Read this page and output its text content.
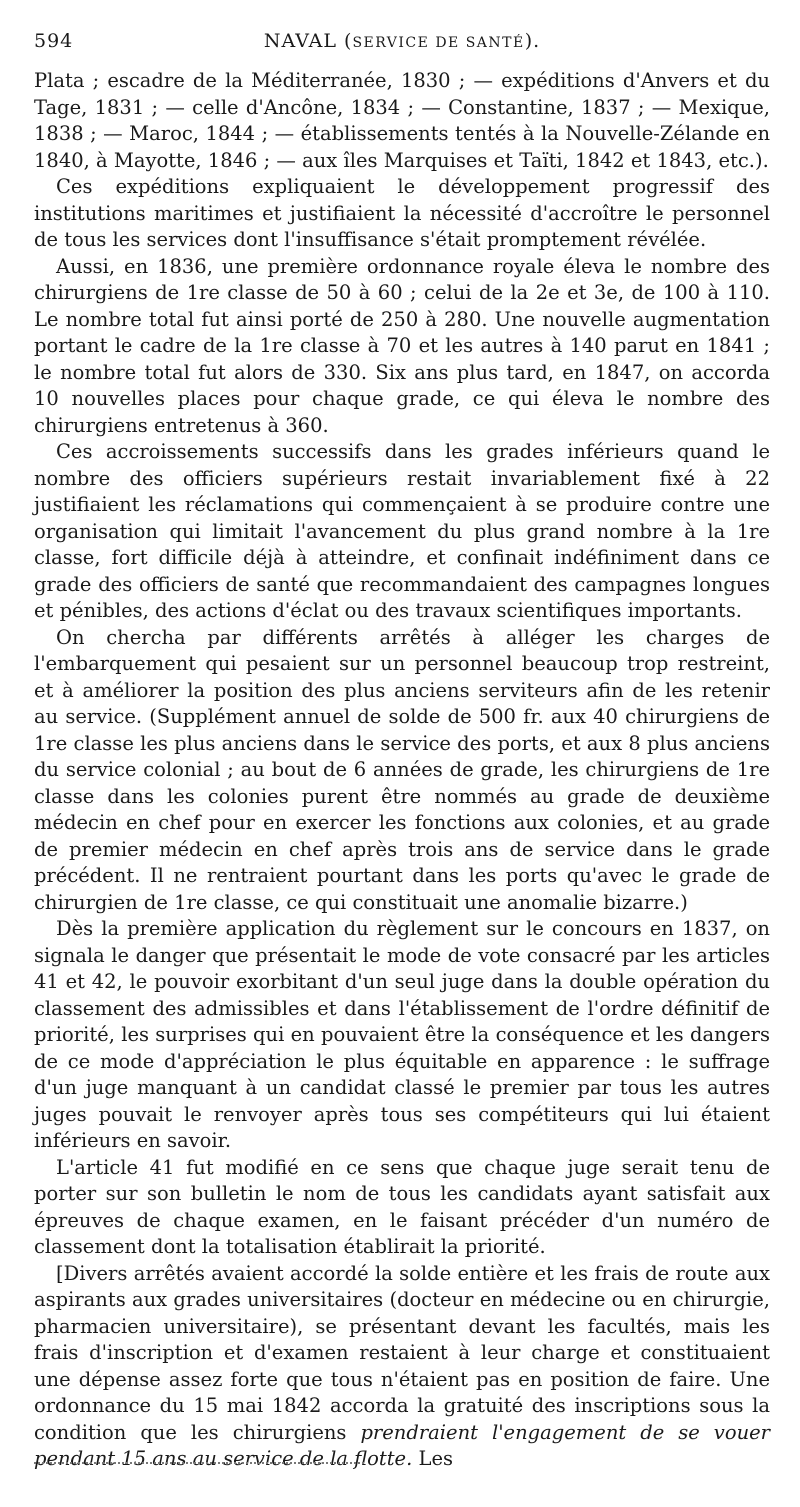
594	NAVAL (SERVICE DE SANTÉ).

Plata ; escadre de la Méditerranée, 1830 ; — expéditions d'Anvers et du Tage, 1831 ; — celle d'Ancône, 1834 ; — Constantine, 1837 ; — Mexique, 1838 ; — Maroc, 1844 ; — établissements tentés à la Nouvelle-Zélande en 1840, à Mayotte, 1846 ; — aux îles Marquises et Taïti, 1842 et 1843, etc.).

Ces expéditions expliquaient le développement progressif des institutions maritimes et justifiaient la nécessité d'accroître le personnel de tous les services dont l'insuffisance s'était promptement révélée.

Aussi, en 1836, une première ordonnance royale éleva le nombre des chirurgiens de 1re classe de 50 à 60 ; celui de la 2e et 3e, de 100 à 110. Le nombre total fut ainsi porté de 250 à 280. Une nouvelle augmentation portant le cadre de la 1re classe à 70 et les autres à 140 parut en 1841 ; le nombre total fut alors de 330. Six ans plus tard, en 1847, on accorda 10 nouvelles places pour chaque grade, ce qui éleva le nombre des chirurgiens entretenus à 360.

Ces accroissements successifs dans les grades inférieurs quand le nombre des officiers supérieurs restait invariablement fixé à 22 justifiaient les réclamations qui commençaient à se produire contre une organisation qui limitait l'avancement du plus grand nombre à la 1re classe, fort difficile déjà à atteindre, et confinait indéfiniment dans ce grade des officiers de santé que recommandaient des campagnes longues et pénibles, des actions d'éclat ou des travaux scientifiques importants.

On chercha par différents arrêtés à alléger les charges de l'embarquement qui pesaient sur un personnel beaucoup trop restreint, et à améliorer la position des plus anciens serviteurs afin de les retenir au service. (Supplément annuel de solde de 500 fr. aux 40 chirurgiens de 1re classe les plus anciens dans le service des ports, et aux 8 plus anciens du service colonial ; au bout de 6 années de grade, les chirurgiens de 1re classe dans les colonies purent être nommés au grade de deuxième médecin en chef pour en exercer les fonctions aux colonies, et au grade de premier médecin en chef après trois ans de service dans le grade précédent. Il ne rentraient pourtant dans les ports qu'avec le grade de chirurgien de 1re classe, ce qui constituait une anomalie bizarre.)

Dès la première application du règlement sur le concours en 1837, on signala le danger que présentait le mode de vote consacré par les articles 41 et 42, le pouvoir exorbitant d'un seul juge dans la double opération du classement des admissibles et dans l'établissement de l'ordre définitif de priorité, les surprises qui en pouvaient être la conséquence et les dangers de ce mode d'appréciation le plus équitable en apparence : le suffrage d'un juge manquant à un candidat classé le premier par tous les autres juges pouvait le renvoyer après tous ses compétiteurs qui lui étaient inférieurs en savoir.

L'article 41 fut modifié en ce sens que chaque juge serait tenu de porter sur son bulletin le nom de tous les candidats ayant satisfait aux épreuves de chaque examen, en le faisant précéder d'un numéro de classement dont la totalisation établirait la priorité.

[Divers arrêtés avaient accordé la solde entière et les frais de route aux aspirants aux grades universitaires (docteur en médecine ou en chirurgie, pharmacien universitaire), se présentant devant les facultés, mais les frais d'inscription et d'examen restaient à leur charge et constituaient une dépense assez forte que tous n'étaient pas en position de faire. Une ordonnance du 15 mai 1842 accorda la gratuité des inscriptions sous la condition que les chirurgiens prendraient l'engagement de se vouer pendant 15 ans au service de la flotte. Les
